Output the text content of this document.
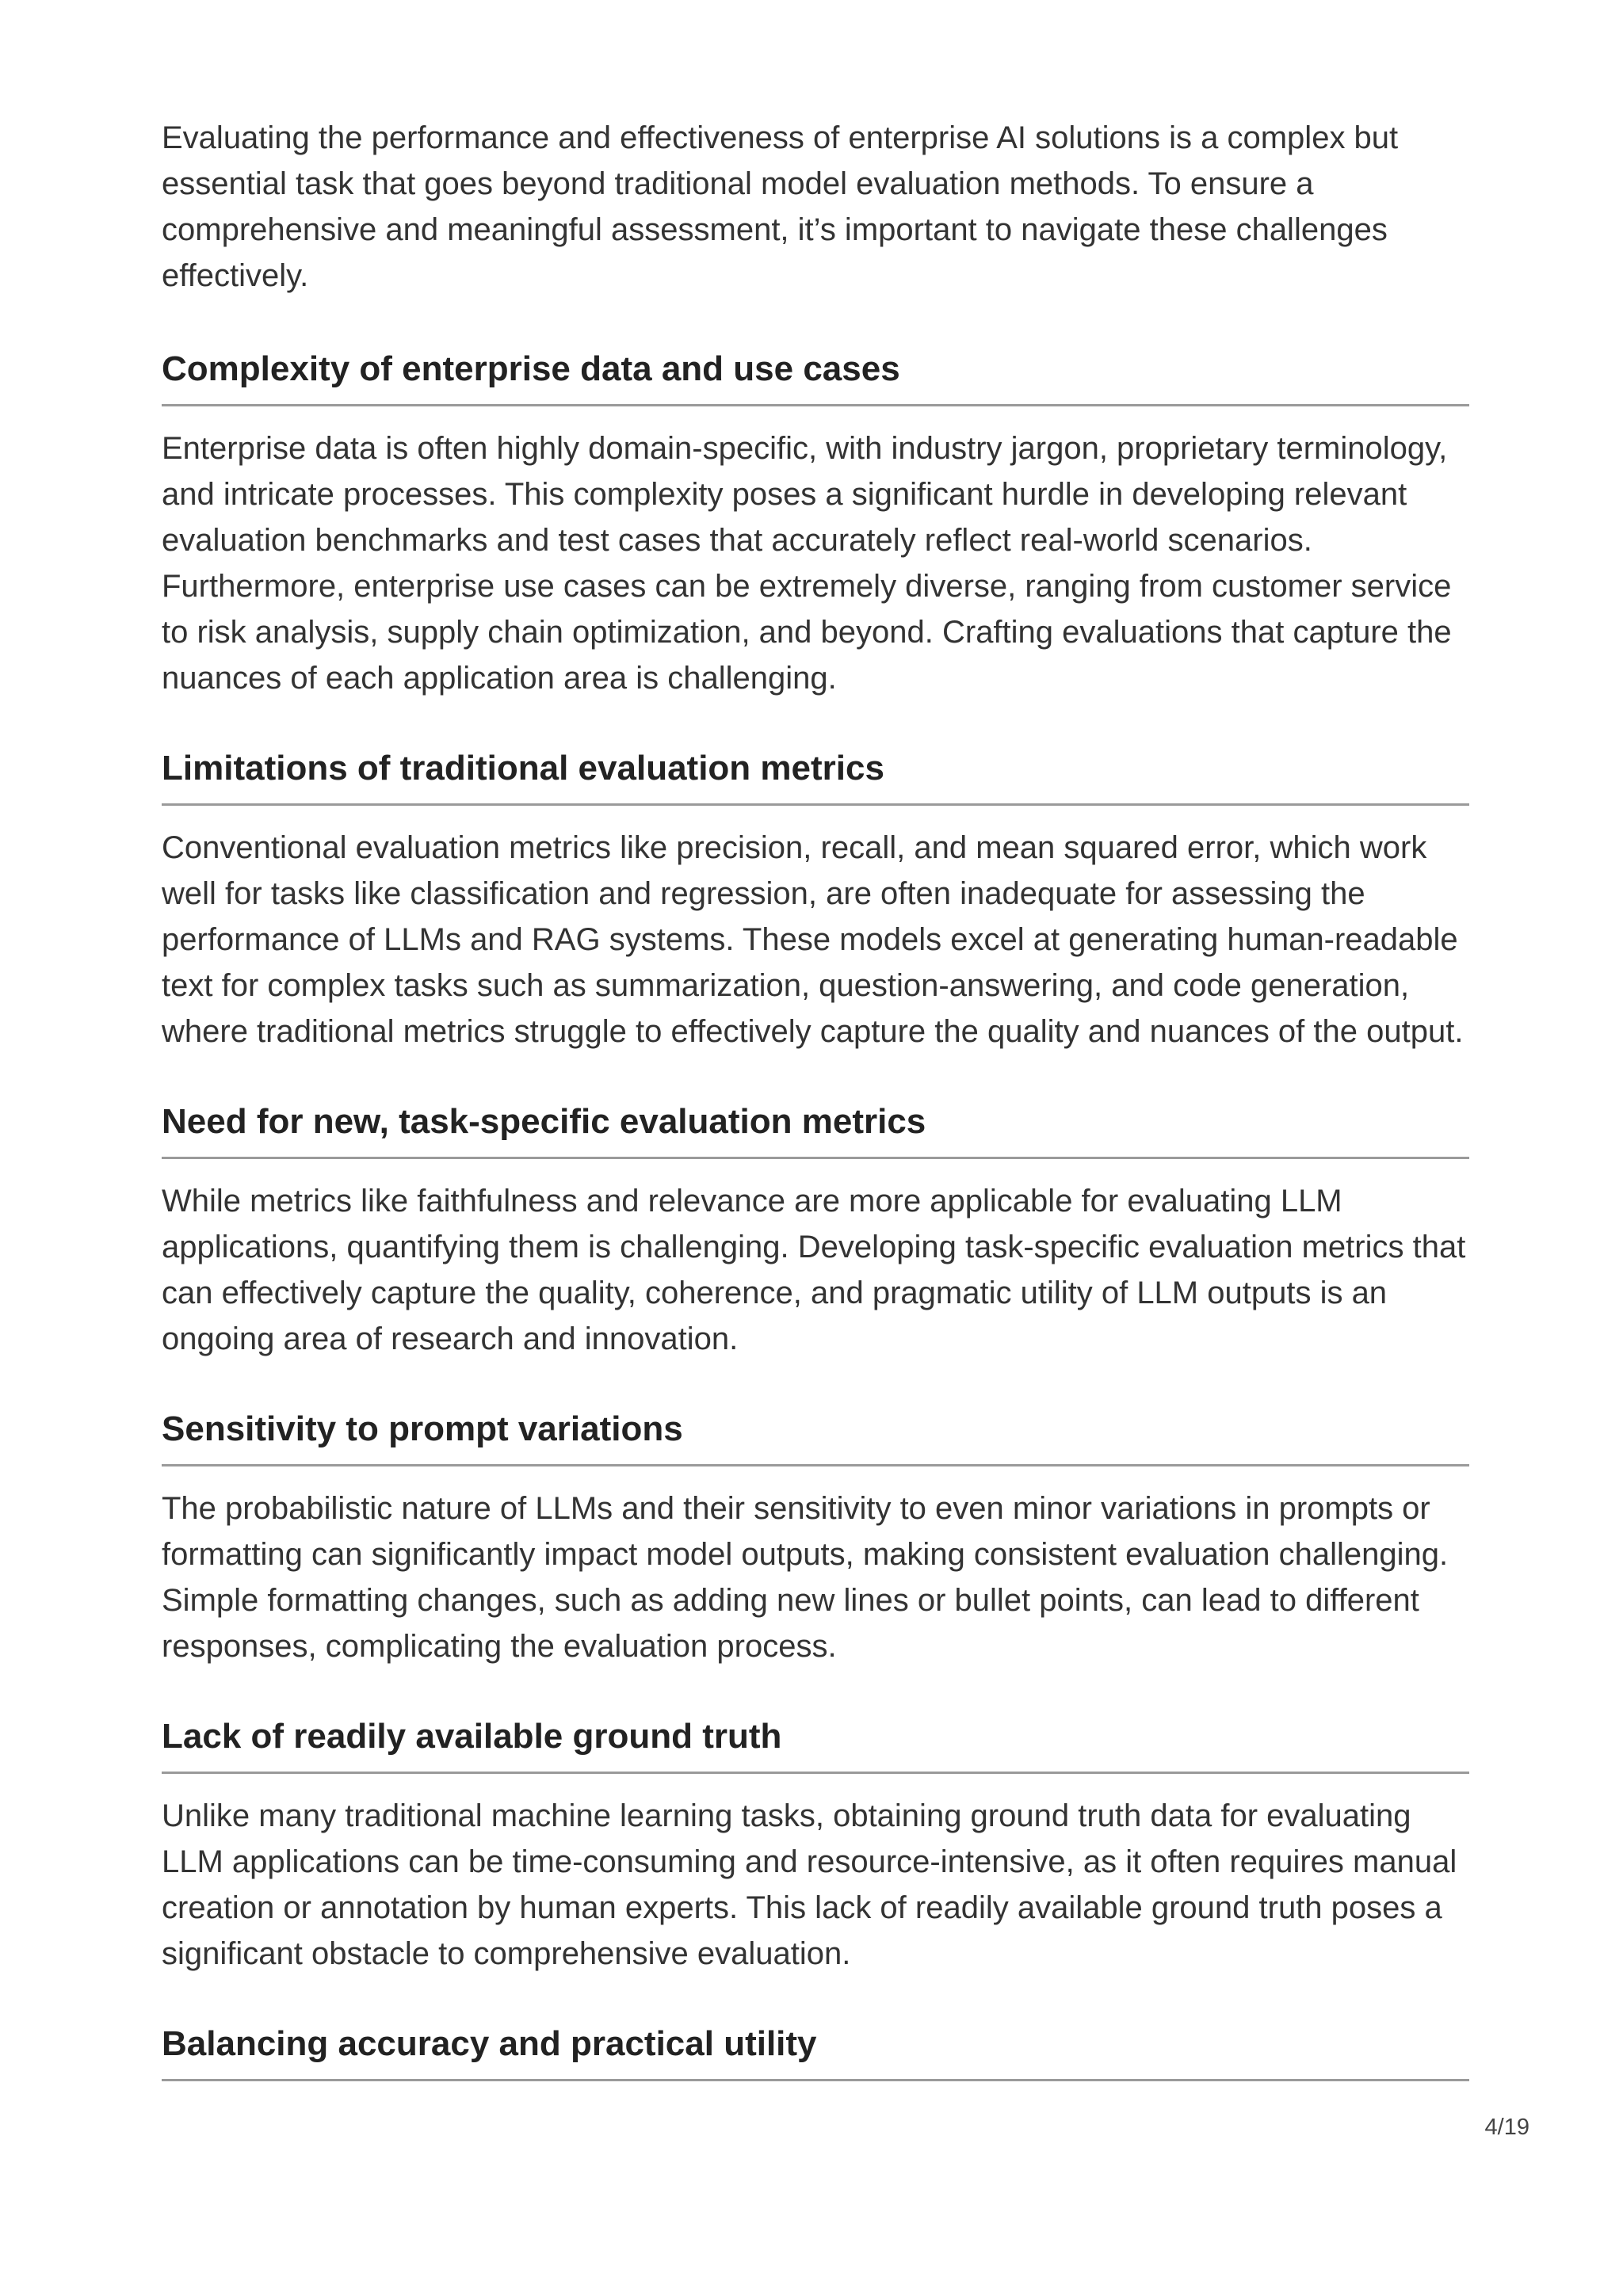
Evaluating the performance and effectiveness of enterprise AI solutions is a complex but essential task that goes beyond traditional model evaluation methods. To ensure a comprehensive and meaningful assessment, it’s important to navigate these challenges effectively.

Complexity of enterprise data and use cases

Enterprise data is often highly domain-specific, with industry jargon, proprietary terminology, and intricate processes. This complexity poses a significant hurdle in developing relevant evaluation benchmarks and test cases that accurately reflect real-world scenarios. Furthermore, enterprise use cases can be extremely diverse, ranging from customer service to risk analysis, supply chain optimization, and beyond. Crafting evaluations that capture the nuances of each application area is challenging.

Limitations of traditional evaluation metrics

Conventional evaluation metrics like precision, recall, and mean squared error, which work well for tasks like classification and regression, are often inadequate for assessing the performance of LLMs and RAG systems. These models excel at generating human-readable text for complex tasks such as summarization, question-answering, and code generation, where traditional metrics struggle to effectively capture the quality and nuances of the output.

Need for new, task-specific evaluation metrics

While metrics like faithfulness and relevance are more applicable for evaluating LLM applications, quantifying them is challenging. Developing task-specific evaluation metrics that can effectively capture the quality, coherence, and pragmatic utility of LLM outputs is an ongoing area of research and innovation.

Sensitivity to prompt variations

The probabilistic nature of LLMs and their sensitivity to even minor variations in prompts or formatting can significantly impact model outputs, making consistent evaluation challenging. Simple formatting changes, such as adding new lines or bullet points, can lead to different responses, complicating the evaluation process.

Lack of readily available ground truth

Unlike many traditional machine learning tasks, obtaining ground truth data for evaluating LLM applications can be time-consuming and resource-intensive, as it often requires manual creation or annotation by human experts. This lack of readily available ground truth poses a significant obstacle to comprehensive evaluation.

Balancing accuracy and practical utility
4/19
